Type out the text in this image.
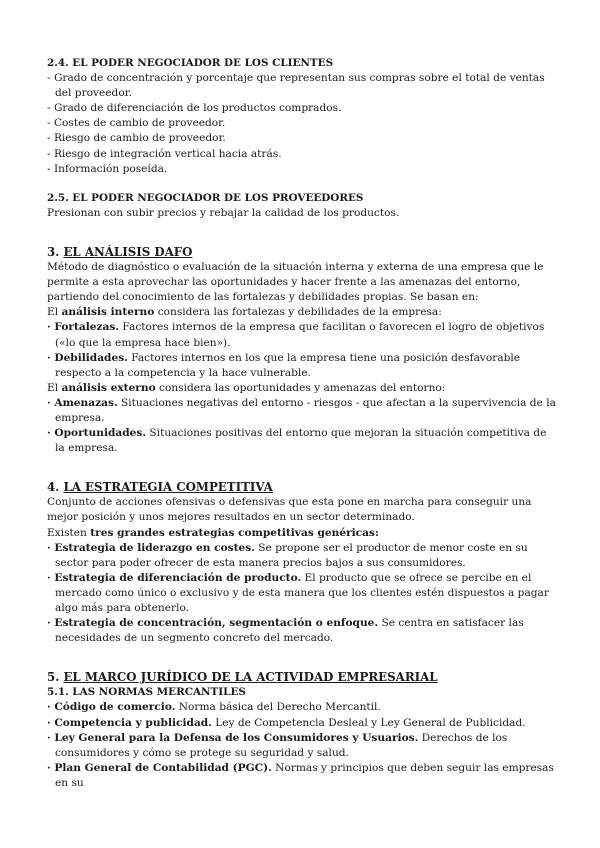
2.4. EL PODER NEGOCIADOR DE LOS CLIENTES
- Grado de concentración y porcentaje que representan sus compras sobre el total de ventas del proveedor.
- Grado de diferenciación de los productos comprados.
- Costes de cambio de proveedor.
- Riesgo de cambio de proveedor.
- Riesgo de integración vertical hacia atrás.
- Información poseída.
2.5. EL PODER NEGOCIADOR DE LOS PROVEEDORES
Presionan con subir precios y rebajar la calidad de los productos.
3. EL ANÁLISIS DAFO
Método de diagnóstico o evaluación de la situación interna y externa de una empresa que le permite a esta aprovechar las oportunidades y hacer frente a las amenazas del entorno, partiendo del conocimiento de las fortalezas y debilidades propias. Se basan en:
El análisis interno considera las fortalezas y debilidades de la empresa:
· Fortalezas. Factores internos de la empresa que facilitan o favorecen el logro de objetivos («lo que la empresa hace bien»).
· Debilidades. Factores internos en los que la empresa tiene una posición desfavorable respecto a la competencia y la hace vulnerable.
El análisis externo considera las oportunidades y amenazas del entorno:
· Amenazas. Situaciones negativas del entorno - riesgos - que afectan a la supervivencia de la empresa.
· Oportunidades. Situaciones positivas del entorno que mejoran la situación competitiva de la empresa.
4. LA ESTRATEGIA COMPETITIVA
Conjunto de acciones ofensivas o defensivas que esta pone en marcha para conseguir una mejor posición y unos mejores resultados en un sector determinado.
Existen tres grandes estrategias competitivas genéricas:
· Estrategia de liderazgo en costes. Se propone ser el productor de menor coste en su sector para poder ofrecer de esta manera precios bajos a sus consumidores.
· Estrategia de diferenciación de producto. El producto que se ofrece se percibe en el mercado como único o exclusivo y de esta manera que los clientes estén dispuestos a pagar algo más para obtenerlo.
· Estrategia de concentración, segmentación o enfoque. Se centra en satisfacer las necesidades de un segmento concreto del mercado.
5. EL MARCO JURÍDICO DE LA ACTIVIDAD EMPRESARIAL
5.1. LAS NORMAS MERCANTILES
· Código de comercio. Norma básica del Derecho Mercantil.
· Competencia y publicidad. Ley de Competencia Desleal y Ley General de Publicidad.
· Ley General para la Defensa de los Consumidores y Usuarios. Derechos de los consumidores y cómo se protege su seguridad y salud.
· Plan General de Contabilidad (PGC). Normas y principios que deben seguir las empresas en su
